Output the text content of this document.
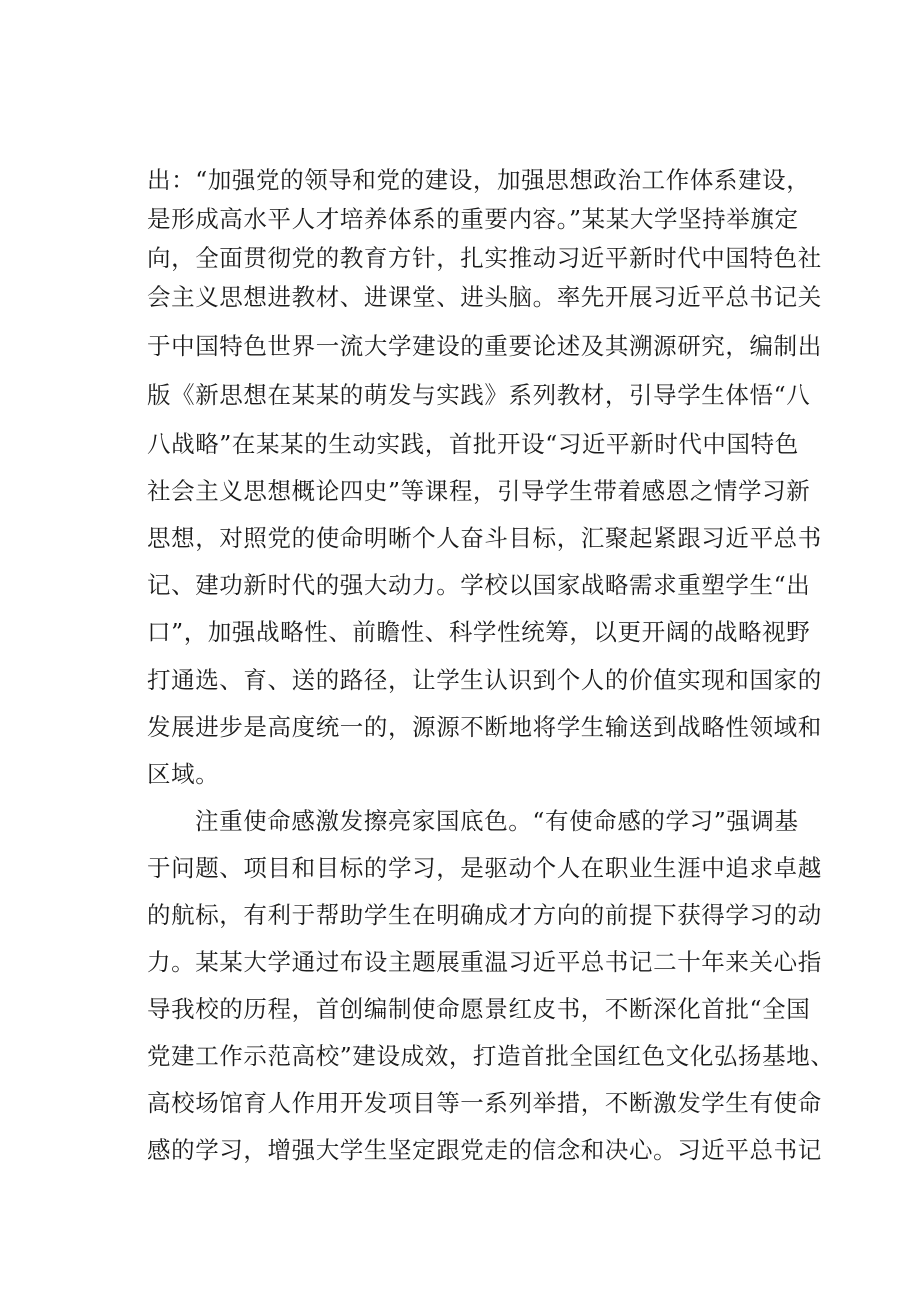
出：“加强党的领导和党的建设，加强思想政治工作体系建设，
是形成高水平人才培养体系的重要内容。”某某大学坚持举旗定
向，全面贯彻党的教育方针，扎实推动习近平新时代中国特色社
会主义思想进教材、进课堂、进头脑。率先开展习近平总书记关
于中国特色世界一流大学建设的重要论述及其溯源研究，编制出
版《新思想在某某的萌发与实践》系列教材，引导学生体悟“八
八战略”在某某的生动实践，首批开设“习近平新时代中国特色
社会主义思想概论四史”等课程，引导学生带着感恩之情学习新
思想，对照党的使命明晰个人奋斗目标，汇聚起紧跟习近平总书
记、建功新时代的强大动力。学校以国家战略需求重塑学生“出
口”，加强战略性、前瞻性、科学性统筹，以更开阔的战略视野
打通选、育、送的路径，让学生认识到个人的价值实现和国家的
发展进步是高度统一的，源源不断地将学生输送到战略性领域和
区域。
注重使命感激发擦亮家国底色。“有使命感的学习”强调基
于问题、项目和目标的学习，是驱动个人在职业生涯中追求卓越
的航标，有利于帮助学生在明确成才方向的前提下获得学习的动
力。某某大学通过布设主题展重温习近平总书记二十年来关心指
导我校的历程，首创编制使命愿景红皮书，不断深化首批“全国
党建工作示范高校”建设成效，打造首批全国红色文化弘扬基地、
高校场馆育人作用开发项目等一系列举措，不断激发学生有使命
感的学习，增强大学生坚定跟党走的信念和决心。习近平总书记
